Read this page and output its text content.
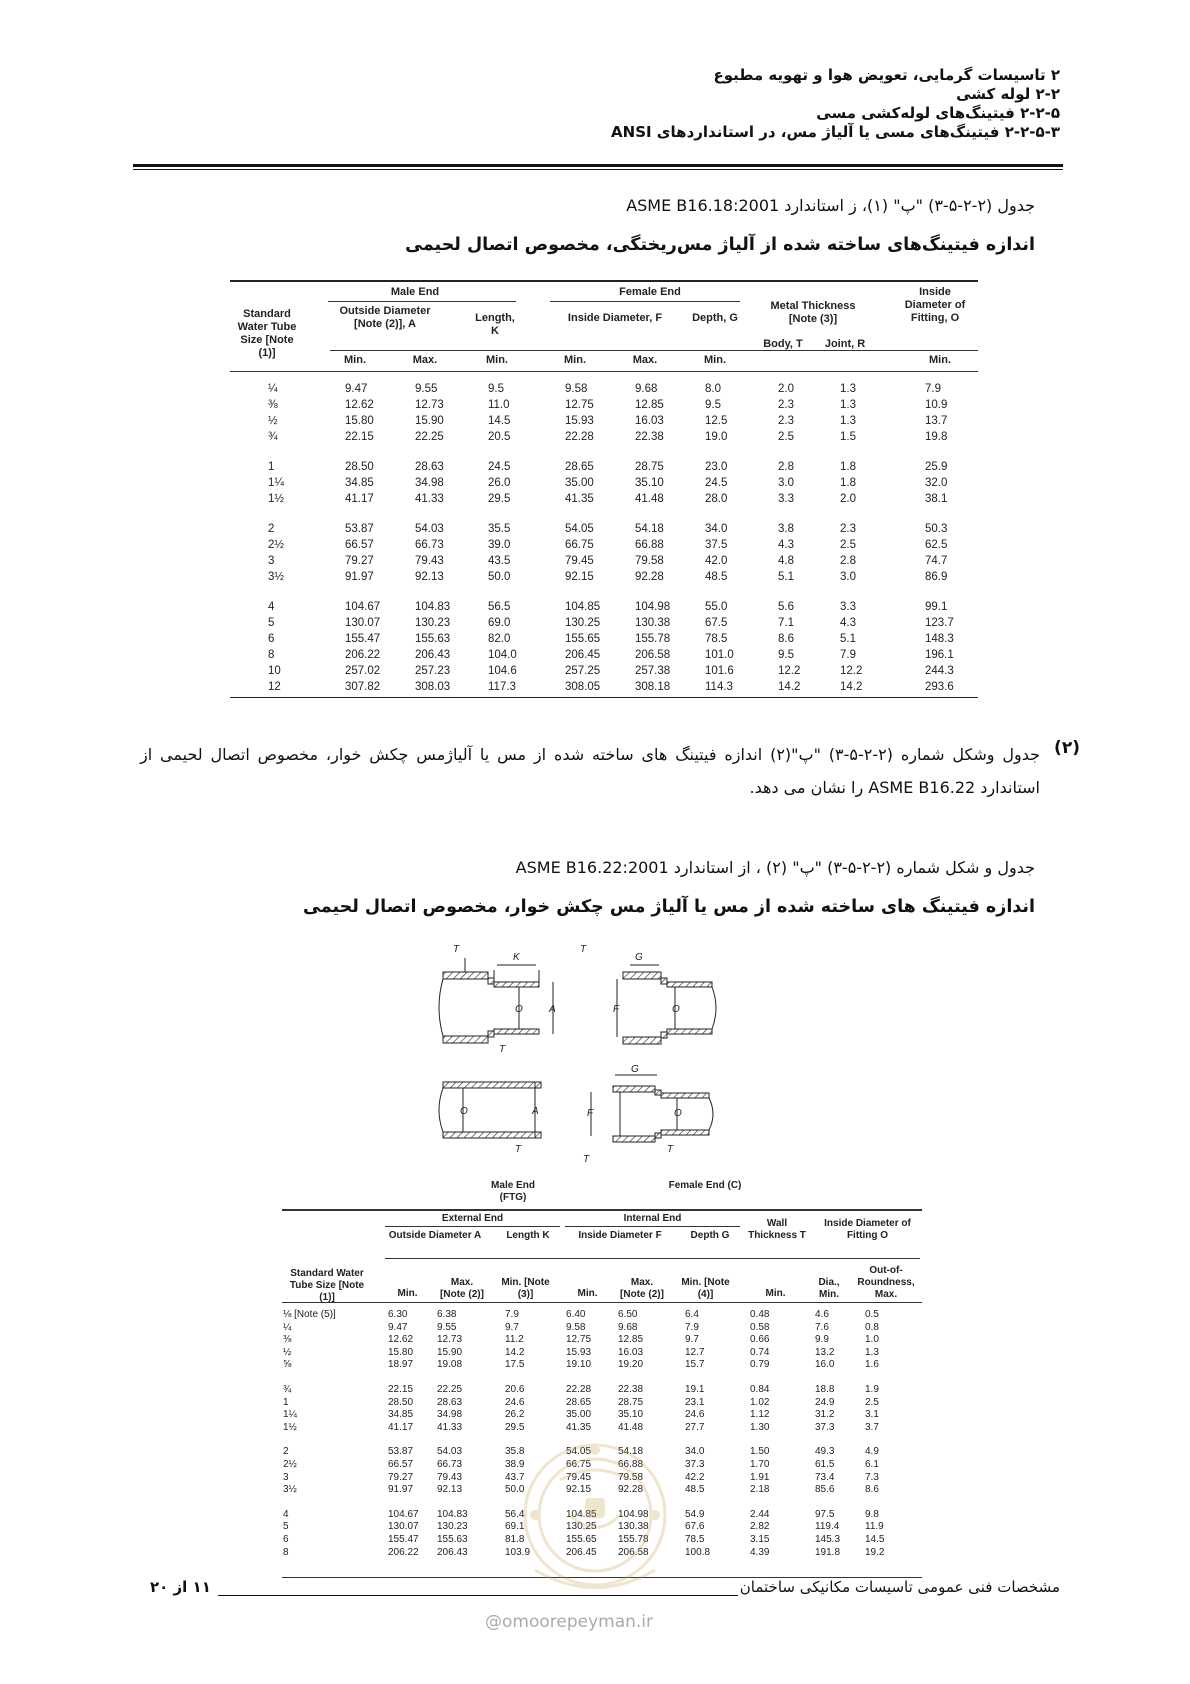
۲ تاسیسات گرمایی، تعویض هوا و تهویه مطبوع
۲-۲ لوله کشی
۲-۲-۵ فیتینگ‌های لوله‌کشی مسی
۲-۲-۵-۳ فیتینگ‌های مسی یا آلیاژ مس، در استانداردهای ANSI
جدول (۲-۲-۵-۳) "پ" (۱)، ز استاندارد ASME B16.18:2001
اندازه فیتینگ‌های ساخته شده از آلیاژ مس‌ریختگی، مخصوص اتصال لحیمی
Standard Water Tube Size [Note (1)]
Male End
Outside Diameter [Note (2)], A	Length, K
Female End
Inside Diameter, F	Depth, G
Metal Thickness [Note (3)]
Body, T	Joint, R
Inside Diameter of Fitting, O
Min.	Max.	Min.	Min.	Max.	Min.	Min.
¼	9.47	9.55	9.5	9.58	9.68	8.0	2.0	1.3	7.9
⅜	12.62	12.73	11.0	12.75	12.85	9.5	2.3	1.3	10.9
½	15.80	15.90	14.5	15.93	16.03	12.5	2.3	1.3	13.7
¾	22.15	22.25	20.5	22.28	22.38	19.0	2.5	1.5	19.8
1	28.50	28.63	24.5	28.65	28.75	23.0	2.8	1.8	25.9
1¼	34.85	34.98	26.0	35.00	35.10	24.5	3.0	1.8	32.0
1½	41.17	41.33	29.5	41.35	41.48	28.0	3.3	2.0	38.1
2	53.87	54.03	35.5	54.05	54.18	34.0	3.8	2.3	50.3
2½	66.57	66.73	39.0	66.75	66.88	37.5	4.3	2.5	62.5
3	79.27	79.43	43.5	79.45	79.58	42.0	4.8	2.8	74.7
3½	91.97	92.13	50.0	92.15	92.28	48.5	5.1	3.0	86.9
4	104.67	104.83	56.5	104.85	104.98	55.0	5.6	3.3	99.1
5	130.07	130.23	69.0	130.25	130.38	67.5	7.1	4.3	123.7
6	155.47	155.63	82.0	155.65	155.78	78.5	8.6	5.1	148.3
8	206.22	206.43	104.0	206.45	206.58	101.0	9.5	7.9	196.1
10	257.02	257.23	104.6	257.25	257.38	101.6	12.2	12.2	244.3
12	307.82	308.03	117.3	308.05	308.18	114.3	14.2	14.2	293.6
(۲)
جدول وشکل شماره (۲-۲-۵-۳) "پ"(۲) اندازه فیتینگ های ساخته شده از مس یا آلیاژمس چکش خوار، مخصوص اتصال لحیمی از استاندارد ASME B16.22 را نشان می دهد.
جدول و شکل شماره (۲-۲-۵-۳) "پ" (۲) ، از استاندارد ASME B16.22:2001
اندازه فیتینگ های ساخته شده از مس یا آلیاژ مس چکش خوار، مخصوص اتصال لحیمی
T
K
O	A
T
T
G
F	O
O	A
T
G
F	O
T
T
Male End (FTG)
Female End (C)
External End
Outside Diameter A	Length K
Internal End
Inside Diameter F	Depth G
Wall Thickness T
Inside Diameter of Fitting O
Standard Water Tube Size [Note (1)]	Min.
Max. [Note (2)]
Min. [Note (3)]	Min.
Max. [Note (2)]
Min. [Note (4)]	Min.
Dia., Min.
Out-of-Roundness, Max.
⅛ [Note (5)]	6.30	6.38	7.9	6.40	6.50	6.4	0.48	4.6	0.5
¼	9.47	9.55	9.7	9.58	9.68	7.9	0.58	7.6	0.8
⅜	12.62 12.73	11.2	12.75	12.85	9.7	0.66	9.9	1.0
½	15.80 15.90	14.2	15.93	16.03	12.7	0.74	13.2	1.3
⅝	18.97 19.08	17.5	19.10	19.20	15.7	0.79	16.0	1.6
¾	22.15 22.25	20.6	22.28	22.38	19.1	0.84	18.8	1.9
1	28.50 28.63	24.6	28.65	28.75	23.1	1.02	24.9	2.5
1¼	34.85 34.98	26.2	35.00	35.10	24.6	1.12	31.2	3.1
1½	41.17 41.33	29.5	41.35	41.48	27.7	1.30	37.3	3.7
2	53.87 54.03	35.8	54.05	54.18	34.0	1.50	49.3	4.9
2½	66.57 66.73	38.9	66.75	66.88	37.3	1.70	61.5	6.1
3	79.27 79.43	43.7	79.45	79.58	42.2	1.91	73.4	7.3
3½	91.97 92.13	50.0	92.15	92.28	48.5	2.18	85.6	8.6
4	104.67 104.83	56.4	104.85 104.98	54.9	2.44	97.5	9.8
5	130.07 130.23	69.1	130.25 130.38	67.6	2.82	119.4	11.9
6	155.47 155.63	81.8	155.65 155.78	78.5	3.15	145.3 14.5
8	206.22 206.43	103.9	206.45 206.58	100.8	4.39	191.8 19.2
@omoorepeyman.ir
مشخصات فنی عمومی تاسیسات مکانیکی ساختمان
۱۱ از ۲۰
